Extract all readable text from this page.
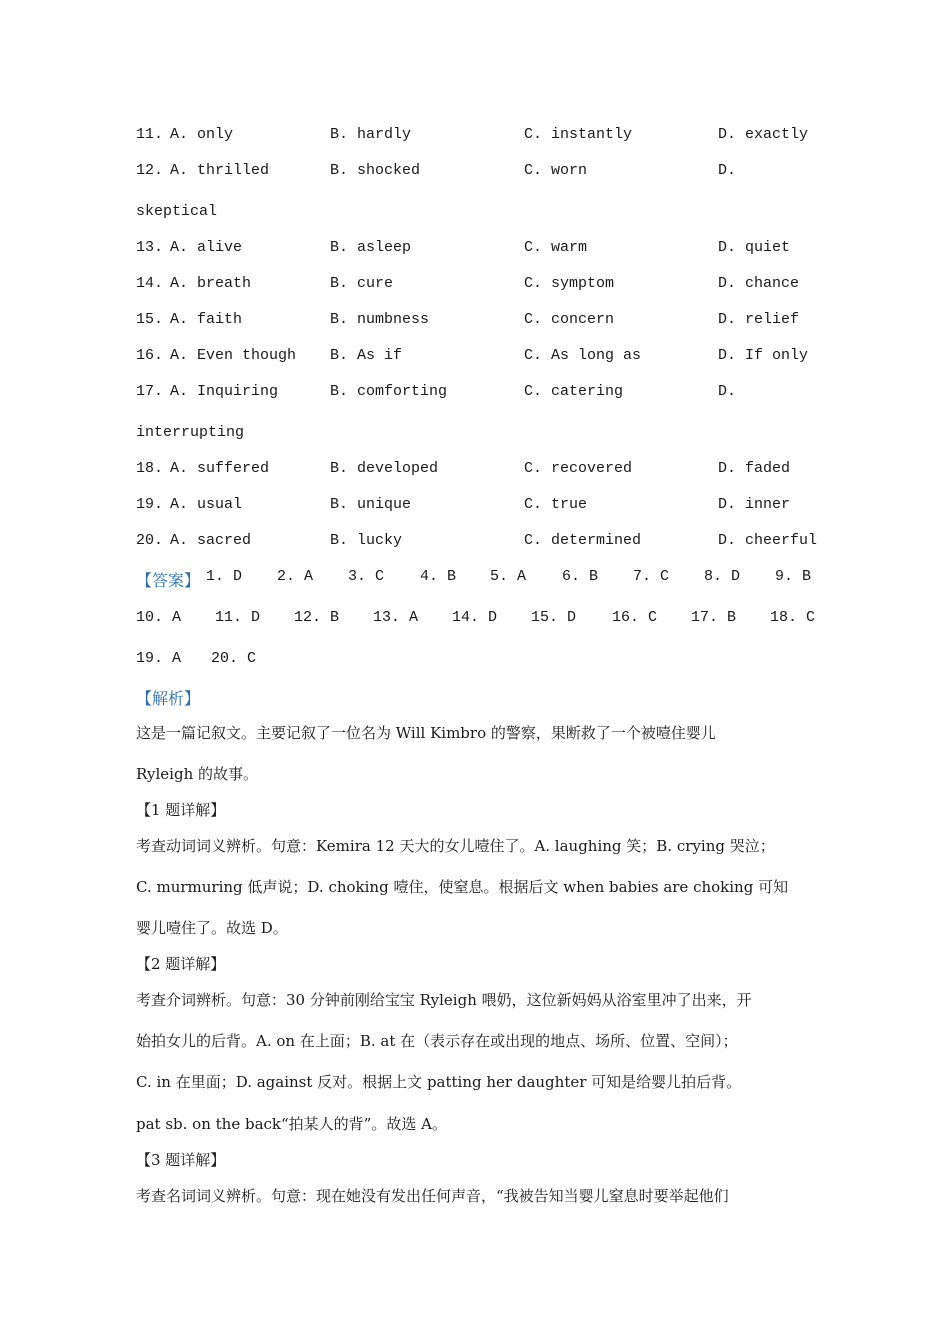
11. A. only	B. hardly	C. instantly	D. exactly
12. A. thrilled	B. shocked	C. worn	D.
skeptical
13. A. alive	B. asleep	C. warm	D. quiet
14. A. breath	B. cure	C. symptom	D. chance
15. A. faith	B. numbness	C. concern	D. relief
16. A. Even though B. As if	C. As long as	D. If only
17. A. Inquiring	B. comforting	C. catering	D.
interrupting
18. A. suffered	B. developed	C. recovered	D. faded
19. A. usual	B. unique	C. true	D. inner
20. A. sacred	B. lucky	C. determined	D. cheerful
【答案】 1. D 2. A 3. C 4. B 5. A 6. B 7. C 8. D 9. B
10. A 11. D 12. B 13. A 14. D 15. D 16. C 17. B 18. C
19. A 20. C
【解析】
这是一篇记叙文。主要记叙了一位名为 Will Kimbro 的警察，果断救了一个被噎住婴儿
Ryleigh 的故事。
【1 题详解】
考查动词词义辨析。句意：Kemira 12 天大的女儿噎住了。A. laughing 笑；B. crying 哭泣；
C. murmuring 低声说；D. choking 噎住，使窒息。根据后文 when babies are choking 可知
婴儿噎住了。故选 D。
【2 题详解】
考查介词辨析。句意：30 分钟前刚给宝宝 Ryleigh 喂奶，这位新妈妈从浴室里冲了出来，开
始拍女儿的后背。A. on 在上面；B. at 在（表示存在或出现的地点、场所、位置、空间）；
C. in 在里面；D. against 反对。根据上文 patting her daughter 可知是给婴儿拍后背。
pat sb. on the back“拍某人的背”。故选 A。
【3 题详解】
考查名词词义辨析。句意：现在她没有发出任何声音，“我被告知当婴儿窒息时要举起他们
